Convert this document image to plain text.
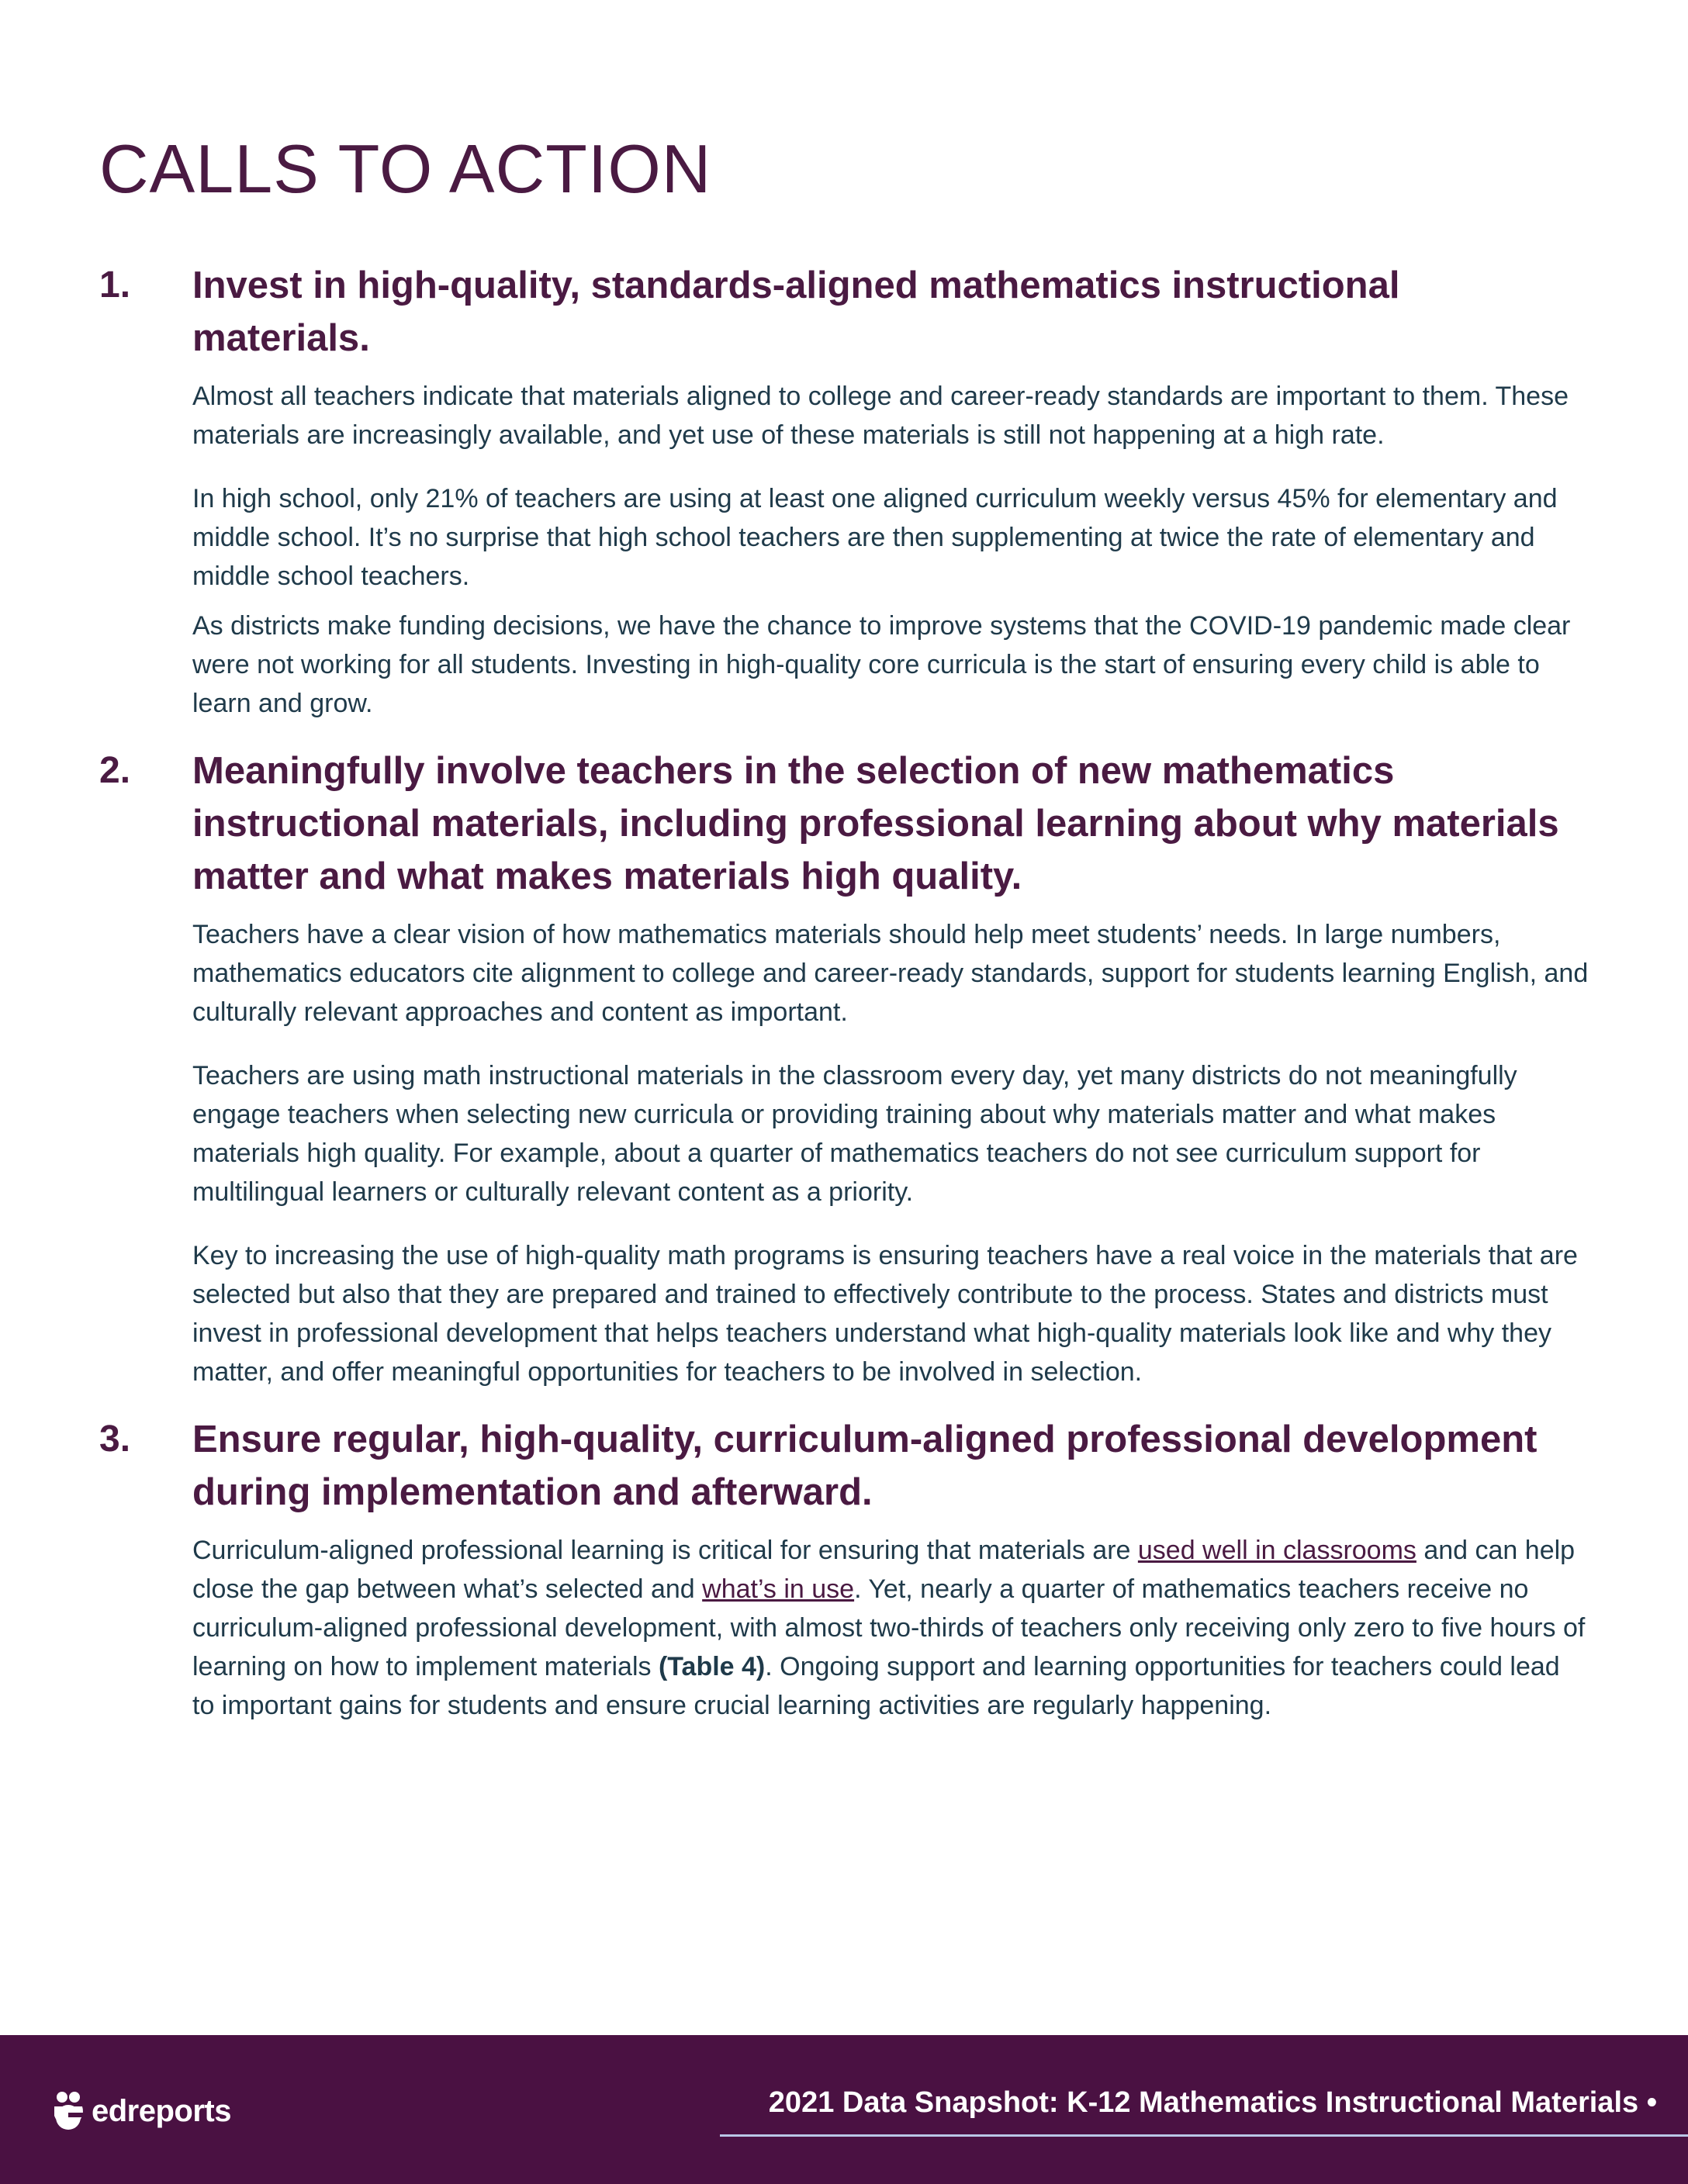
CALLS TO ACTION
1. Invest in high-quality, standards-aligned mathematics instructional materials.

Almost all teachers indicate that materials aligned to college and career-ready standards are important to them. These materials are increasingly available, and yet use of these materials is still not happening at a high rate.

In high school, only 21% of teachers are using at least one aligned curriculum weekly versus 45% for elementary and middle school. It’s no surprise that high school teachers are then supplementing at twice the rate of elementary and middle school teachers.

As districts make funding decisions, we have the chance to improve systems that the COVID-19 pandemic made clear were not working for all students. Investing in high-quality core curricula is the start of ensuring every child is able to learn and grow.

2. Meaningfully involve teachers in the selection of new mathematics instructional materials, including professional learning about why materials matter and what makes materials high quality.

Teachers have a clear vision of how mathematics materials should help meet students’ needs. In large numbers, mathematics educators cite alignment to college and career-ready standards, support for students learning English, and culturally relevant approaches and content as important.

Teachers are using math instructional materials in the classroom every day, yet many districts do not meaningfully engage teachers when selecting new curricula or providing training about why materials matter and what makes materials high quality. For example, about a quarter of mathematics teachers do not see curriculum support for multilingual learners or culturally relevant content as a priority.

Key to increasing the use of high-quality math programs is ensuring teachers have a real voice in the materials that are selected but also that they are prepared and trained to effectively contribute to the process. States and districts must invest in professional development that helps teachers understand what high-quality materials look like and why they matter, and offer meaningful opportunities for teachers to be involved in selection.

3. Ensure regular, high-quality, curriculum-aligned professional development during implementation and afterward.

Curriculum-aligned professional learning is critical for ensuring that materials are used well in classrooms and can help close the gap between what’s selected and what’s in use. Yet, nearly a quarter of mathematics teachers receive no curriculum-aligned professional development, with almost two-thirds of teachers only receiving only zero to five hours of learning on how to implement materials (Table 4). Ongoing support and learning opportunities for teachers could lead to important gains for students and ensure crucial learning activities are regularly happening.

edreports	2021 Data Snapshot: K-12 Mathematics Instructional Materials •
